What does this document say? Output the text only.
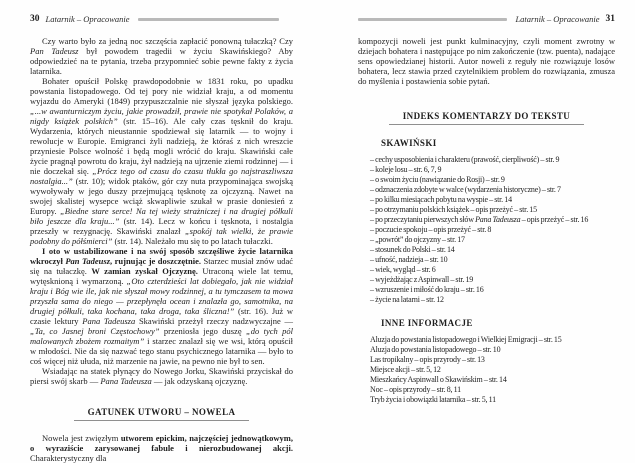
30 Latarnik – Opracowanie

Czy warto było za jedną noc szczęścia zapłacić ponowną tułaczką? Czy Pan Tadeusz był powodem tragedii w życiu Skawińskiego? Aby odpowiedzieć na te pytania, trzeba przypomnieć sobie pewne fakty z życia latarnika.

Bohater opuścił Polskę prawdopodobnie w 1831 roku, po upadku powstania listopadowego. Od tej pory nie widział kraju, a od momentu wyjazdu do Ameryki (1849) przypuszczalnie nie słyszał języka polskiego. „...w awanturniczym życiu, jakie prowadził, prawie nie spotykał Polaków, a nigdy książek polskich” (str. 15–16). Ale cały czas tęsknił do kraju. Wydarzenia, których nieustannie spodziewał się latarnik — to wojny i rewolucje w Europie. Emigranci żyli nadzieją, że któraś z nich wreszcie przyniesie Polsce wolność i będą mogli wrócić do kraju. Skawiński całe życie pragnął powrotu do kraju, żył nadzieją na ujrzenie ziemi rodzinnej — i nie doczekał się. „Prócz tego od czasu do czasu tłukła go najstraszliwsza nostalgia...” (str. 10); widok ptaków, gór czy nuta przypominająca swojską wywoływały w jego duszy przejmującą tęsknotę za ojczyzną. Nawet na swojej skalistej wysepce wciąż skwapliwie szukał w prasie doniesień z Europy. „Biedne stare serce! Na tej wieży strażniczej i na drugiej półkuli biło jeszcze dla kraju...” (str. 14). Lecz w końcu i tęsknota, i nostalgia przeszły w rezygnację. Skawiński znalazł „spokój tak wielki, że prawie podobny do półśmierci” (str. 14). Należało mu się to po latach tułaczki.

I oto w ustabilizowane i na swój sposób szczęśliwe życie latarnika wkroczył Pan Tadeusz, rujnując je doszczętnie. Starzec musiał znów udać się na tułaczkę. W zamian zyskał Ojczyznę. Utraconą wiele lat temu, wytęsknioną i wymarzoną. „Oto czterdzieści lat dobiegało, jak nie widział kraju i Bóg wie ile, jak nie słyszał mowy rodzinnej, a tu tymczasem ta mowa przyszła sama do niego — przepłynęła ocean i znalazła go, samotnika, na drugiej półkuli, taka kochana, taka droga, taka śliczna!” (str. 16). Już w czasie lektury Pana Tadeusza Skawiński przeżył rzeczy nadzwyczajne — „Ta, co Jasnej broni Częstochowy” przeniosła jego duszę „do tych pól malowanych zbożem rozmaitym” i starzec znalazł się we wsi, którą opuścił w młodości. Nie da się nazwać tego stanu psychicznego latarnika — było to coś więcej niż ułuda, niż marzenie na jawie, na pewno nie był to sen.

Wsiadając na statek płynący do Nowego Jorku, Skawiński przyciskał do piersi swój skarb — Pana Tadeusza — jak odzyskaną ojczyznę.

GATUNEK UTWORU – NOWELA

Nowela jest zwięzłym utworem epickim, najczęściej jednowątkowym, o wyraziście zarysowanej fabule i nierozbudowanej akcji. Charakterystyczny dla

Latarnik – Opracowanie 31

kompozycji noweli jest punkt kulminacyjny, czyli moment zwrotny w dziejach bohatera i następujące po nim zakończenie (tzw. puenta), nadające sens opowiedzianej historii. Autor noweli z reguły nie rozwiązuje losów bohatera, lecz stawia przed czytelnikiem problem do rozwiązania, zmusza do myślenia i postawienia sobie pytań.

INDEKS KOMENTARZY DO TEKSTU
SKAWIŃSKI
– cechy usposobienia i charakteru (prawość, cierpliwość) – str. 9
– koleje losu – str. 6, 7, 9
– o swoim życiu (nawiązanie do Rosji) – str. 9
– odznaczenia zdobyte w walce (wydarzenia historyczne) – str. 7
– po kilku miesiącach pobytu na wyspie – str. 14
– po otrzymaniu polskich książek – opis przeżyć – str. 15
– po przeczytaniu pierwszych słów Pana Tadeusza – opis przeżyć – str. 16
– poczucie spokoju – opis przeżyć – str. 8
– „powrót” do ojczyzny – str. 17
– stosunek do Polski – str. 14
– ufność, nadzieja – str. 10
– wiek, wygląd – str. 6
– wyjeżdżając z Aspinwall – str. 19
– wzruszenie i miłość do kraju – str. 16
– życie na latarni – str. 12
INNE INFORMACJE
Aluzja do powstania listopadowego i Wielkiej Emigracji – str. 15
Aluzja do powstania listopadowego – str. 10
Las tropikalny – opis przyrody – str. 13
Miejsce akcji – str. 5, 12
Mieszkańcy Aspinwall o Skawińskim – str. 14
Noc – opis przyrody – str. 8, 11
Tryb życia i obowiązki latarnika – str. 5, 11
